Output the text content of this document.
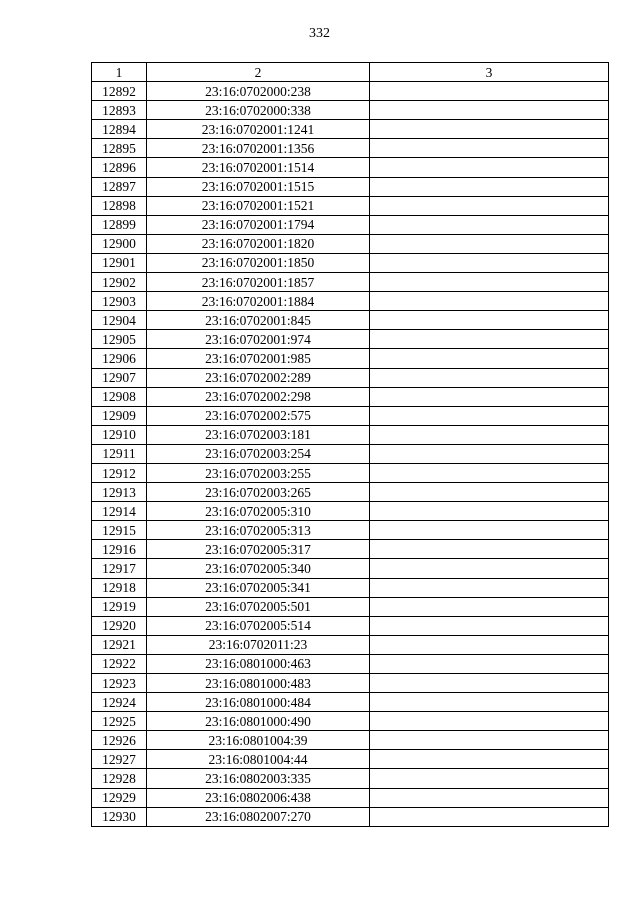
332
1	2	3
12892	23:16:0702000:238	
12893	23:16:0702000:338	
12894	23:16:0702001:1241	
12895	23:16:0702001:1356	
12896	23:16:0702001:1514	
12897	23:16:0702001:1515	
12898	23:16:0702001:1521	
12899	23:16:0702001:1794	
12900	23:16:0702001:1820	
12901	23:16:0702001:1850	
12902	23:16:0702001:1857	
12903	23:16:0702001:1884	
12904	23:16:0702001:845	
12905	23:16:0702001:974	
12906	23:16:0702001:985	
12907	23:16:0702002:289	
12908	23:16:0702002:298	
12909	23:16:0702002:575	
12910	23:16:0702003:181	
12911	23:16:0702003:254	
12912	23:16:0702003:255	
12913	23:16:0702003:265	
12914	23:16:0702005:310	
12915	23:16:0702005:313	
12916	23:16:0702005:317	
12917	23:16:0702005:340	
12918	23:16:0702005:341	
12919	23:16:0702005:501	
12920	23:16:0702005:514	
12921	23:16:0702011:23	
12922	23:16:0801000:463	
12923	23:16:0801000:483	
12924	23:16:0801000:484	
12925	23:16:0801000:490	
12926	23:16:0801004:39	
12927	23:16:0801004:44	
12928	23:16:0802003:335	
12929	23:16:0802006:438	
12930	23:16:0802007:270	
